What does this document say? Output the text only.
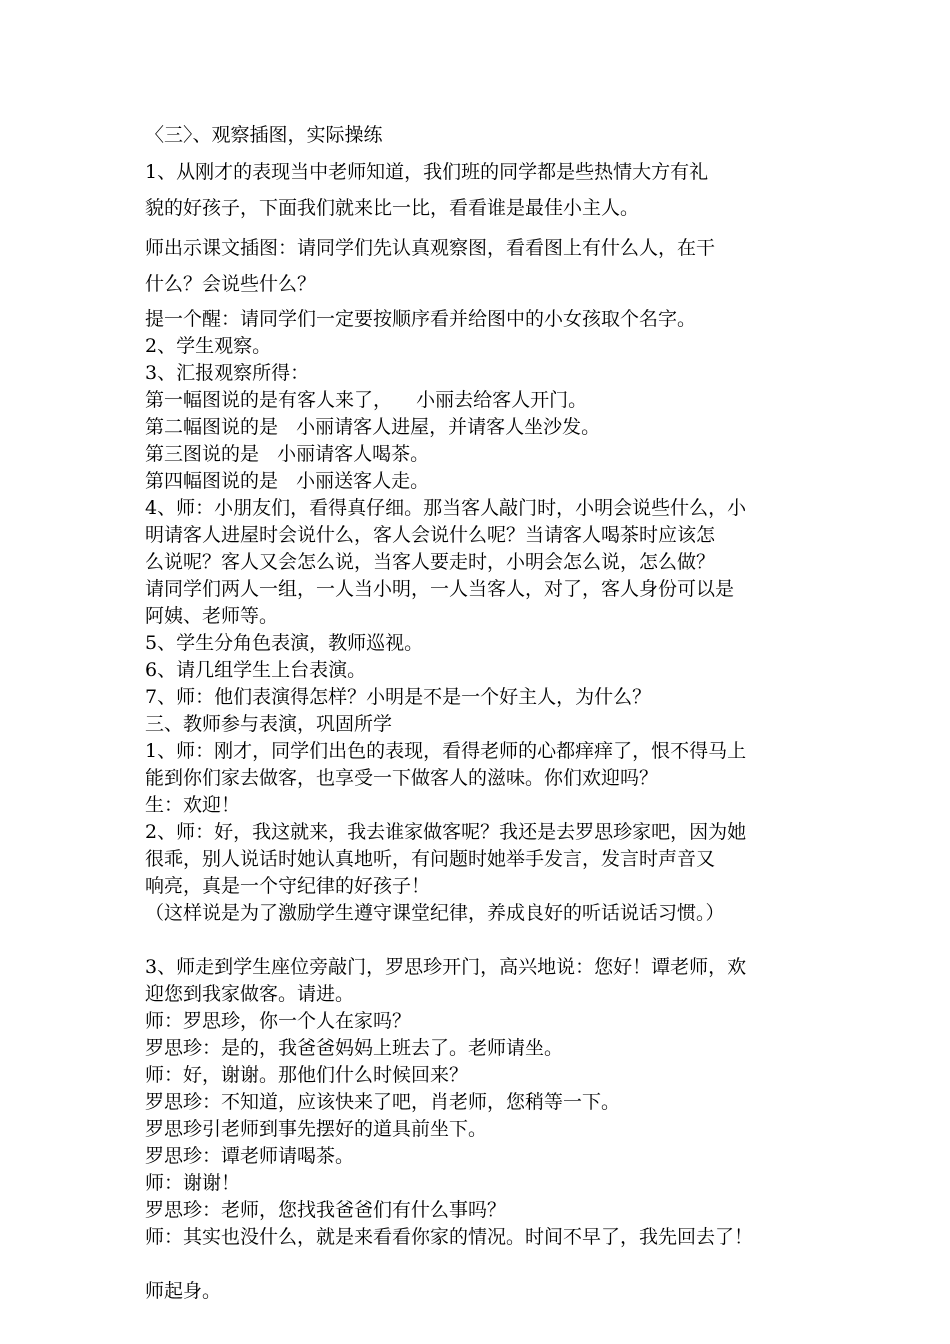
〈三〉、观察插图，实际操练

1、从刚才的表现当中老师知道，我们班的同学都是些热情大方有礼

貌的好孩子，下面我们就来比一比，看看谁是最佳小主人。

师出示课文插图：请同学们先认真观察图，看看图上有什么人，在干

什么？会说些什么？

提一个醒：请同学们一定要按顺序看并给图中的小女孩取个名字。

2、学生观察。

3、汇报观察所得：

第一幅图说的是有客人来了，    小丽去给客人开门。

第二幅图说的是   小丽请客人进屋，并请客人坐沙发。

第三图说的是   小丽请客人喝茶。

第四幅图说的是   小丽送客人走。

4、师：小朋友们，看得真仔细。那当客人敲门时，小明会说些什么，小

明请客人进屋时会说什么，客人会说什么呢？当请客人喝茶时应该怎

么说呢？客人又会怎么说，当客人要走时，小明会怎么说，怎么做？

请同学们两人一组，一人当小明，一人当客人，对了，客人身份可以是

阿姨、老师等。

5、学生分角色表演，教师巡视。

6、请几组学生上台表演。

7、师：他们表演得怎样？小明是不是一个好主人，为什么？

三、教师参与表演，巩固所学

1、师：刚才，同学们出色的表现，看得老师的心都痒痒了，恨不得马上

能到你们家去做客，也享受一下做客人的滋味。你们欢迎吗？

生：欢迎！

2、师：好，我这就来，我去谁家做客呢？我还是去罗思珍家吧，因为她

很乖，别人说话时她认真地听，有问题时她举手发言，发言时声音又

响亮，真是一个守纪律的好孩子！

（这样说是为了激励学生遵守课堂纪律，养成良好的听话说话习惯。）

3、师走到学生座位旁敲门，罗思珍开门，高兴地说：您好！谭老师，欢

迎您到我家做客。请进。

师：罗思珍，你一个人在家吗？

罗思珍：是的，我爸爸妈妈上班去了。老师请坐。

师：好，谢谢。那他们什么时候回来？

罗思珍：不知道，应该快来了吧，肖老师，您稍等一下。

罗思珍引老师到事先摆好的道具前坐下。

罗思珍：谭老师请喝茶。

师：谢谢！

罗思珍：老师，您找我爸爸们有什么事吗？

师：其实也没什么，就是来看看你家的情况。时间不早了，我先回去了！

师起身。
